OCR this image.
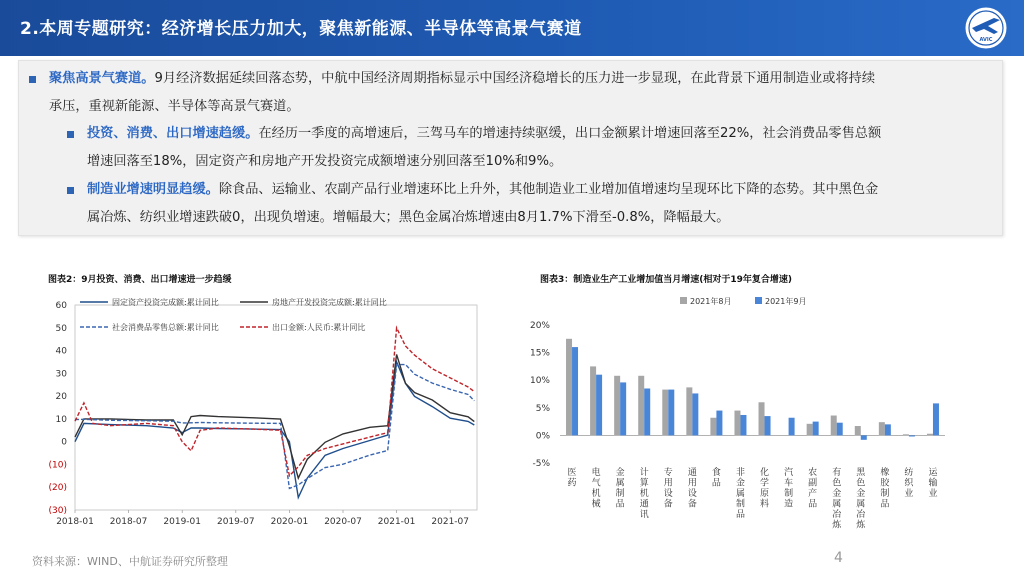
2.本周专题研究：经济增长压力加大，聚焦新能源、半导体等高景气赛道
AVIC
聚焦高景气赛道。9月经济数据延续回落态势，中航中国经济周期指标显示中国经济稳增长的压力进一步显现，在此背景下通用制造业或将持续
承压，重视新能源、半导体等高景气赛道。
投资、消费、出口增速趋缓。在经历一季度的高增速后，三驾马车的增速持续驱缓，出口金额累计增速回落至22%，社会消费品零售总额
增速回落至18%，固定资产和房地产开发投资完成额增速分别回落至10%和9%。
制造业增速明显趋缓。除食品、运输业、农副产品行业增速环比上升外，其他制造业工业增加值增速均呈现环比下降的态势。其中黑色金
属冶炼、纺织业增速跌破0，出现负增速。增幅最大；黑色金属冶炼增速由8月1.7%下滑至-0.8%，降幅最大。
图表2：9月投资、消费、出口增速进一步趋缓	图表3：制造业生产工业增加值当月增速(相对于19年复合增速)
60
50
40
30
20
10
0
(10)
(20)
(30)
2018-01 2018-07 2019-01 2019-07 2020-01 2020-07 2021-01 2021-07
固定资产投资完成额:累计同比	房地产开发投资完成额:累计同比
社会消费品零售总额:累计同比	出口金额:人民币:累计同比	20%
15%
10%
5%
0%
-5%
2021年8月	2021年9月
医
药
电
气
机
械
金
属
制
品
计
算
机
通
讯
专
用
设
备
通
用
设
备
食
品
非
金
属
制
品
化
学
原
料
汽
车
制
造
农
副
产
品
有
色
金
属
冶
炼
黑
色
金
属
冶
炼
橡
胶
制
品
纺
织
业
运
输
业
资料来源：WIND、中航证券研究所整理	4
